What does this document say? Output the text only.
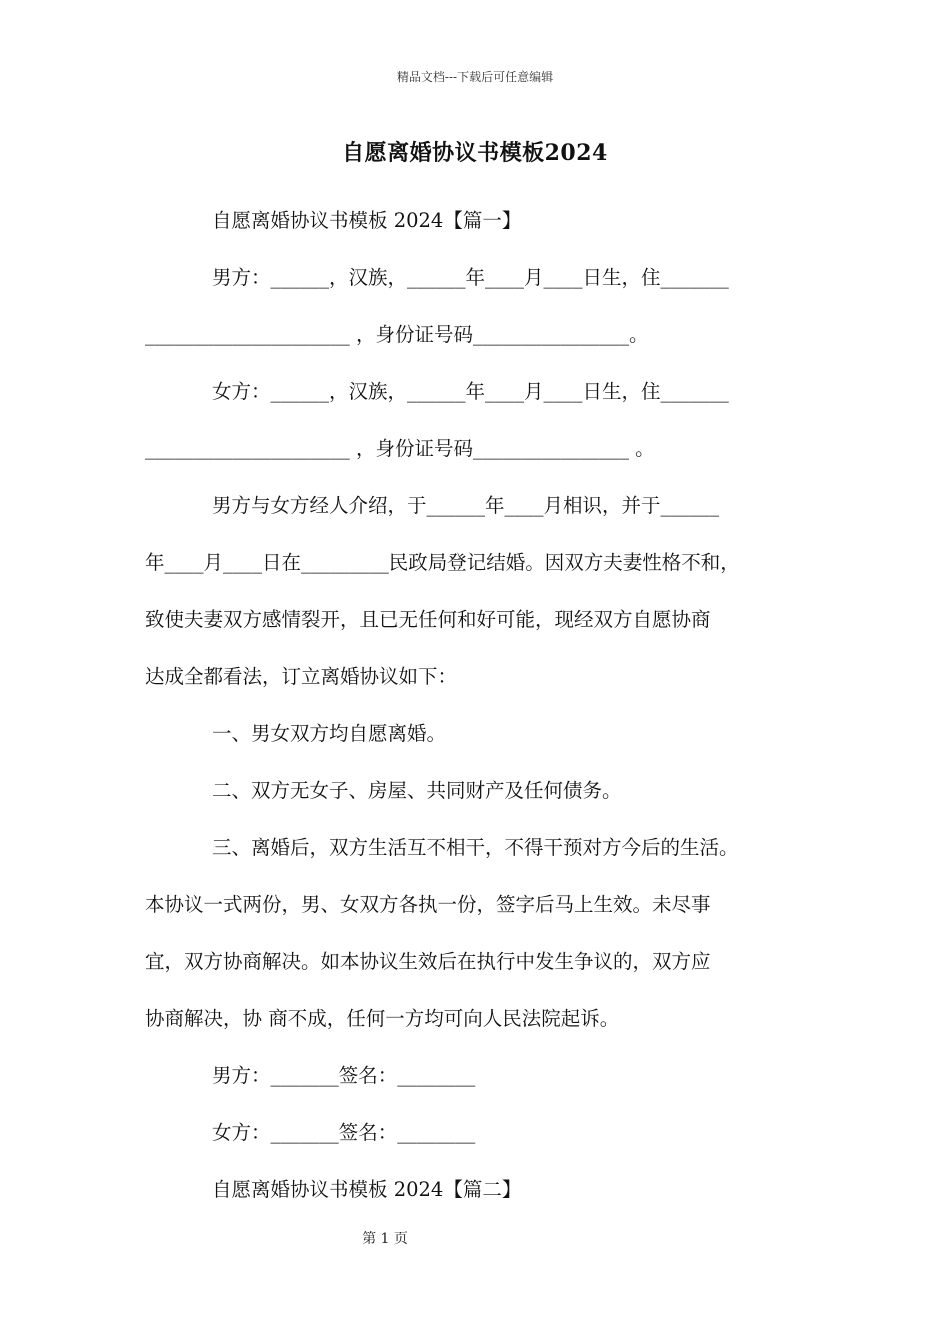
精品文档---下载后可任意编辑
自愿离婚协议书模板2024
自愿离婚协议书模板 2024【篇一】
男方：______，汉族，______年____月____日生，住_______
_____________________ ，身份证号码________________。
女方：______，汉族，______年____月____日生，住_______
_____________________ ，身份证号码________________ 。
男方与女方经人介绍，于______年____月相识，并于______
年____月____日在_________民政局登记结婚。因双方夫妻性格不和，
致使夫妻双方感情裂开，且已无任何和好可能，现经双方自愿协商
达成全都看法，订立离婚协议如下：
一、男女双方均自愿离婚。
二、双方无女子、房屋、共同财产及任何债务。
三、离婚后，双方生活互不相干，不得干预对方今后的生活。
本协议一式两份，男、女双方各执一份，签字后马上生效。未尽事
宜，双方协商解决。如本协议生效后在执行中发生争议的，双方应
协商解决，协 商不成，任何一方均可向人民法院起诉。
男方：_______签名：________
女方：_______签名：________
自愿离婚协议书模板 2024【篇二】
第 1 页
